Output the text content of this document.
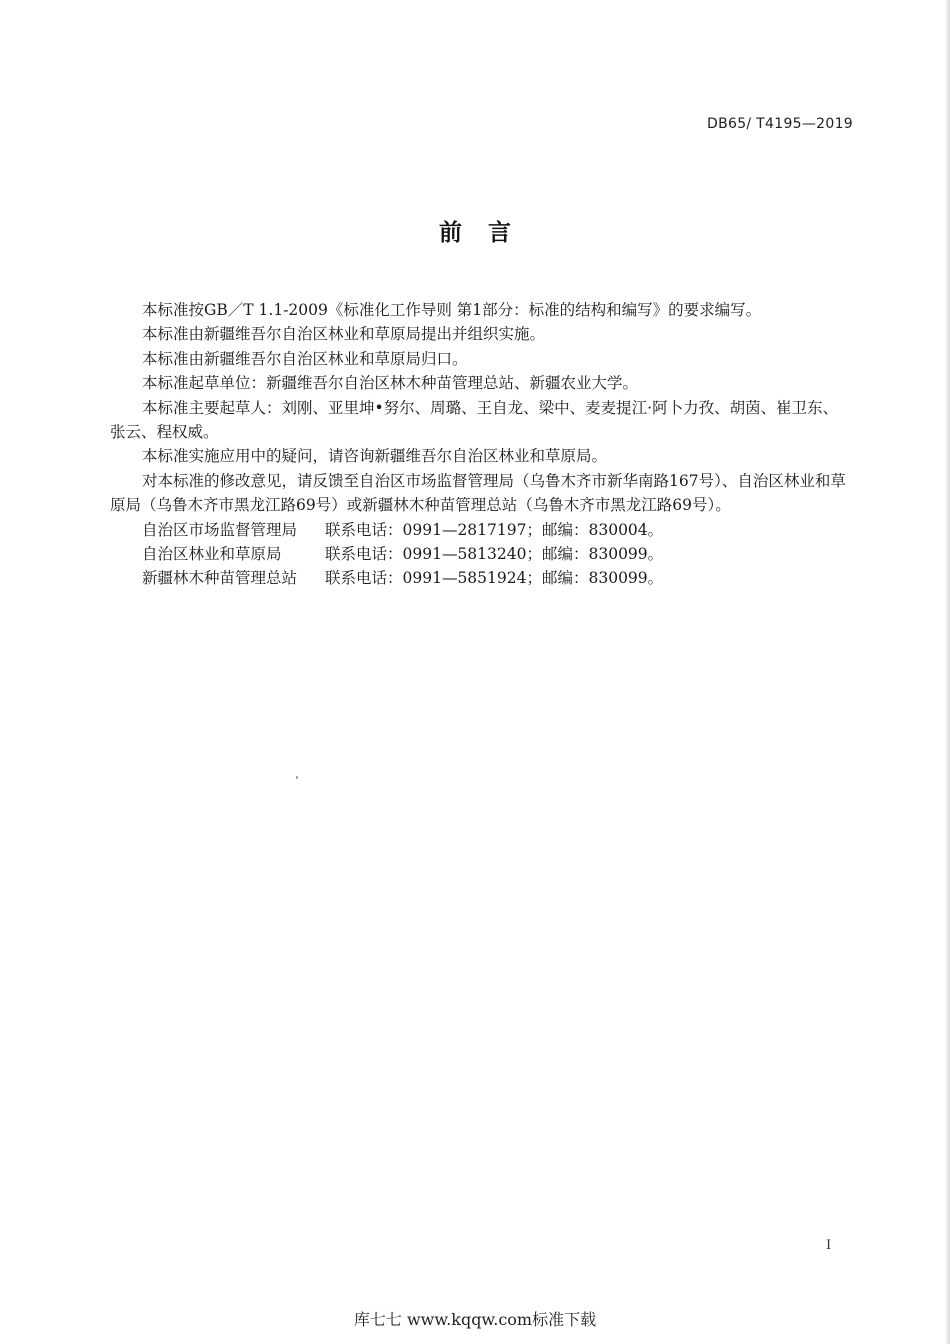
DB65/ T4195—2019
前言

本标准按GB／T 1.1-2009《标准化工作导则 第1部分：标准的结构和编写》的要求编写。

本标准由新疆维吾尔自治区林业和草原局提出并组织实施。

本标准由新疆维吾尔自治区林业和草原局归口。

本标准起草单位：新疆维吾尔自治区林木种苗管理总站、新疆农业大学。

本标准主要起草人：刘刚、亚里坤•努尔、周璐、王自龙、梁中、麦麦提江·阿卜力孜、胡茵、崔卫东、张云、程权威。

本标准实施应用中的疑问，请咨询新疆维吾尔自治区林业和草原局。

对本标准的修改意见，请反馈至自治区市场监督管理局（乌鲁木齐市新华南路167号）、自治区林业和草原局（乌鲁木齐市黑龙江路69号）或新疆林木种苗管理总站（乌鲁木齐市黑龙江路69号）。

自治区市场监督管理局 联系电话：0991—2817197；邮编：830004。
自治区林业和草原局	联系电话：0991—5813240；邮编：830099。
新疆林木种苗管理总站 联系电话：0991—5851924；邮编：830099。
I
库七七 www.kqqw.com标准下载
